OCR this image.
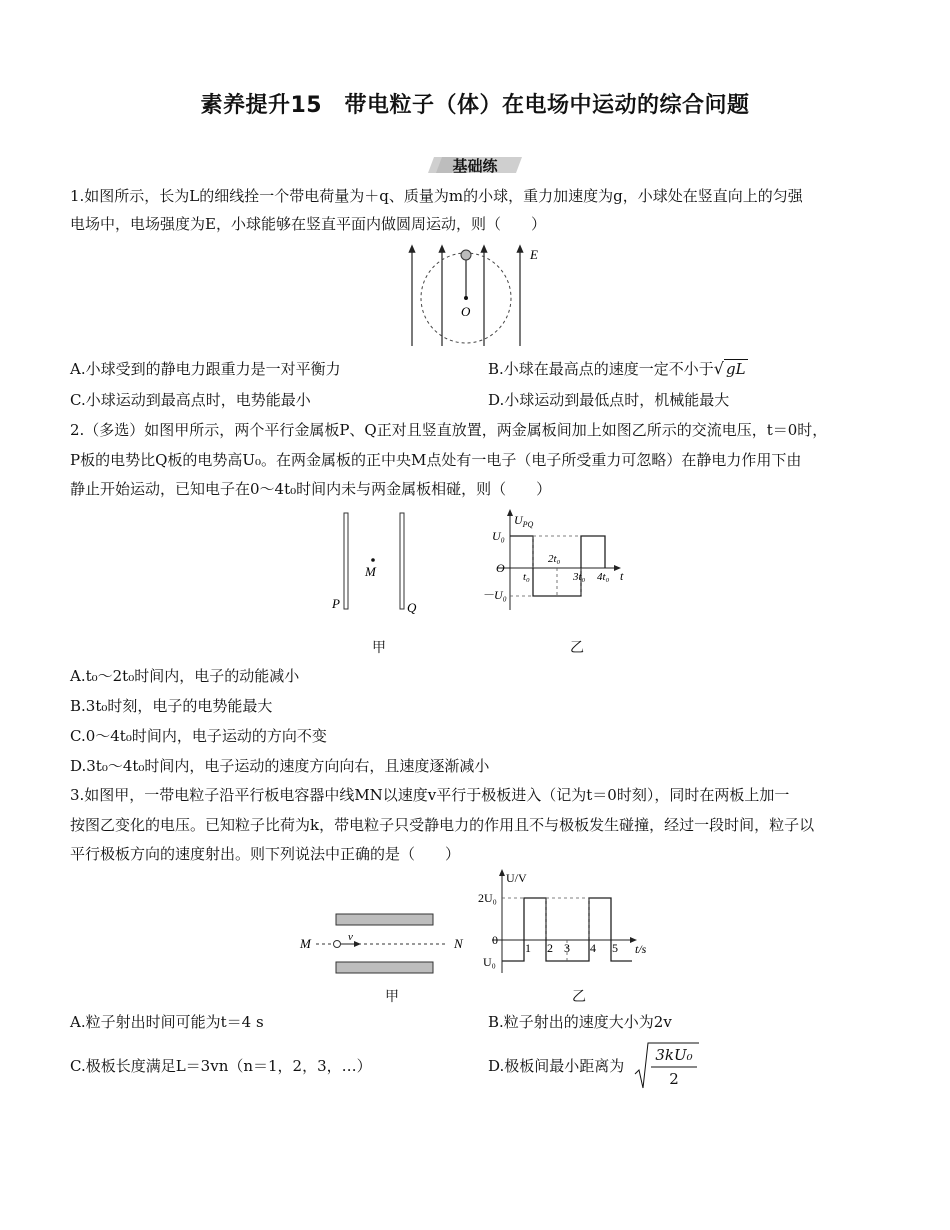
素养提升15　带电粒子（体）在电场中运动的综合问题
基础练
1.如图所示，长为L的细线拴一个带电荷量为＋q、质量为m的小球，重力加速度为g，小球处在竖直向上的匀强
电场中，电场强度为E，小球能够在竖直平面内做圆周运动，则（　　）
O
E
A.小球受到的静电力跟重力是一对平衡力	B.小球在最高点的速度一定不小于√ gL
C.小球运动到最高点时，电势能最小	D.小球运动到最低点时，机械能最大
2.（多选）如图甲所示，两个平行金属板P、Q正对且竖直放置，两金属板间加上如图乙所示的交流电压，t＝0时，
P板的电势比Q板的电势高U₀。在两金属板的正中央M点处有一电子（电子所受重力可忽略）在静电力作用下由
静止开始运动，已知电子在0～4t₀时间内未与两金属板相碰，则（　　）
M
P	Q
$U_{PQ}$
U₀
O
－U₀
t₀
2t₀
3t₀ 4t₀ t
甲	乙
A.t₀～2t₀时间内，电子的动能减小
B.3t₀时刻，电子的电势能最大
C.0～4t₀时间内，电子运动的方向不变
D.3t₀～4t₀时间内，电子运动的速度方向向右，且速度逐渐减小
3.如图甲，一带电粒子沿平行板电容器中线MN以速度v平行于极板进入（记为t＝0时刻），同时在两板上加一
按图乙变化的电压。已知粒子比荷为k，带电粒子只受静电力的作用且不与极板发生碰撞，经过一段时间，粒子以
平行极板方向的速度射出。则下列说法中正确的是（　　）
v
M	N
U/V
2U₀
0
U₀
1 2 3 4 5 t/s
甲	乙
A.粒子射出时间可能为t＝4 s	B.粒子射出的速度大小为2v
C.极板长度满足L＝3vn（n＝1，2，3，…）	D.极板间最小距离为
3kU₀
2
